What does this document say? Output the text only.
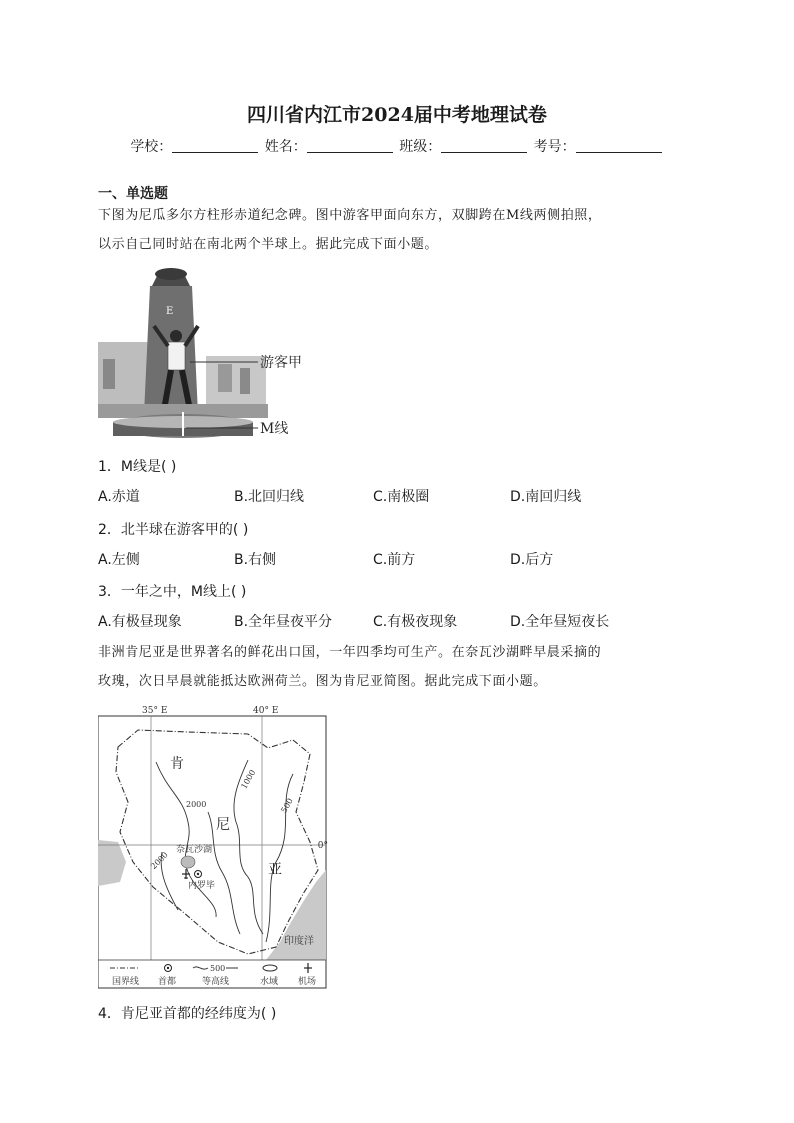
四川省内江市2024届中考地理试卷
学校：	姓名：	班级：	考号：
一、单选题
下图为尼瓜多尔方柱形赤道纪念碑。图中游客甲面向东方，双脚跨在M线两侧拍照，
以示自己同时站在南北两个半球上。据此完成下面小题。
E
游客甲
M线
1．M线是( )
A.赤道	B.北回归线	C.南极圈	D.南回归线
2．北半球在游客甲的( )
A.左侧	B.右侧	C.前方	D.后方
3．一年之中，M线上( )
A.有极昼现象	B.全年昼夜平分	C.有极夜现象	D.全年昼短夜长
非洲肯尼亚是世界著名的鲜花出口国，一年四季均可生产。在奈瓦沙湖畔早晨采摘的
玫瑰，次日早晨就能抵达欧洲荷兰。图为肯尼亚简图。据此完成下面小题。
35° E	40° E
0°
肯
尼
亚
2000
2000
1000
500
奈瓦沙湖
内罗毕
印度洋
国界线 首都
500
等高线	水域 机场
4．肯尼亚首都的经纬度为( )
